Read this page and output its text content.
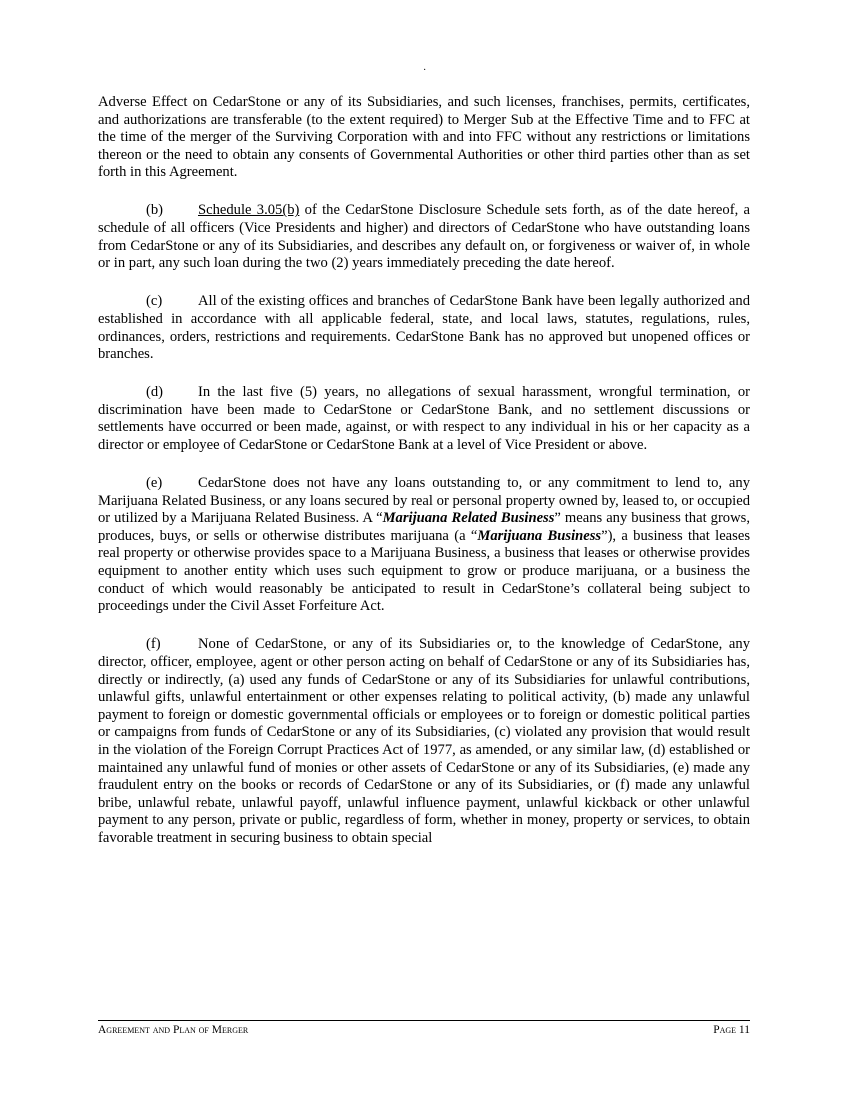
·

Adverse Effect on CedarStone or any of its Subsidiaries, and such licenses, franchises, permits, certificates, and authorizations are transferable (to the extent required) to Merger Sub at the Effective Time and to FFC at the time of the merger of the Surviving Corporation with and into FFC without any restrictions or limitations thereon or the need to obtain any consents of Governmental Authorities or other third parties other than as set forth in this Agreement.

(b) Schedule 3.05(b) of the CedarStone Disclosure Schedule sets forth, as of the date hereof, a schedule of all officers (Vice Presidents and higher) and directors of CedarStone who have outstanding loans from CedarStone or any of its Subsidiaries, and describes any default on, or forgiveness or waiver of, in whole or in part, any such loan during the two (2) years immediately preceding the date hereof.

(c) All of the existing offices and branches of CedarStone Bank have been legally authorized and established in accordance with all applicable federal, state, and local laws, statutes, regulations, rules, ordinances, orders, restrictions and requirements. CedarStone Bank has no approved but unopened offices or branches.

(d) In the last five (5) years, no allegations of sexual harassment, wrongful termination, or discrimination have been made to CedarStone or CedarStone Bank, and no settlement discussions or settlements have occurred or been made, against, or with respect to any individual in his or her capacity as a director or employee of CedarStone or CedarStone Bank at a level of Vice President or above.

(e) CedarStone does not have any loans outstanding to, or any commitment to lend to, any Marijuana Related Business, or any loans secured by real or personal property owned by, leased to, or occupied or utilized by a Marijuana Related Business. A “Marijuana Related Business” means any business that grows, produces, buys, or sells or otherwise distributes marijuana (a “Marijuana Business”), a business that leases real property or otherwise provides space to a Marijuana Business, a business that leases or otherwise provides equipment to another entity which uses such equipment to grow or produce marijuana, or a business the conduct of which would reasonably be anticipated to result in CedarStone’s collateral being subject to proceedings under the Civil Asset Forfeiture Act.

(f)	None of CedarStone, or any of its Subsidiaries or, to the knowledge of CedarStone, any director, officer, employee, agent or other person acting on behalf of CedarStone or any of its Subsidiaries has, directly or indirectly, (a) used any funds of CedarStone or any of its Subsidiaries for unlawful contributions, unlawful gifts, unlawful entertainment or other expenses relating to political activity, (b) made any unlawful payment to foreign or domestic governmental officials or employees or to foreign or domestic political parties or campaigns from funds of CedarStone or any of its Subsidiaries, (c) violated any provision that would result in the violation of the Foreign Corrupt Practices Act of 1977, as amended, or any similar law, (d) established or maintained any unlawful fund of monies or other assets of CedarStone or any of its Subsidiaries, (e) made any fraudulent entry on the books or records of CedarStone or any of its Subsidiaries, or (f) made any unlawful bribe, unlawful rebate, unlawful payoff, unlawful influence payment, unlawful kickback or other unlawful payment to any person, private or public, regardless of form, whether in money, property or services, to obtain favorable treatment in securing business to obtain special

Agreement and Plan of Merger	Page 11
